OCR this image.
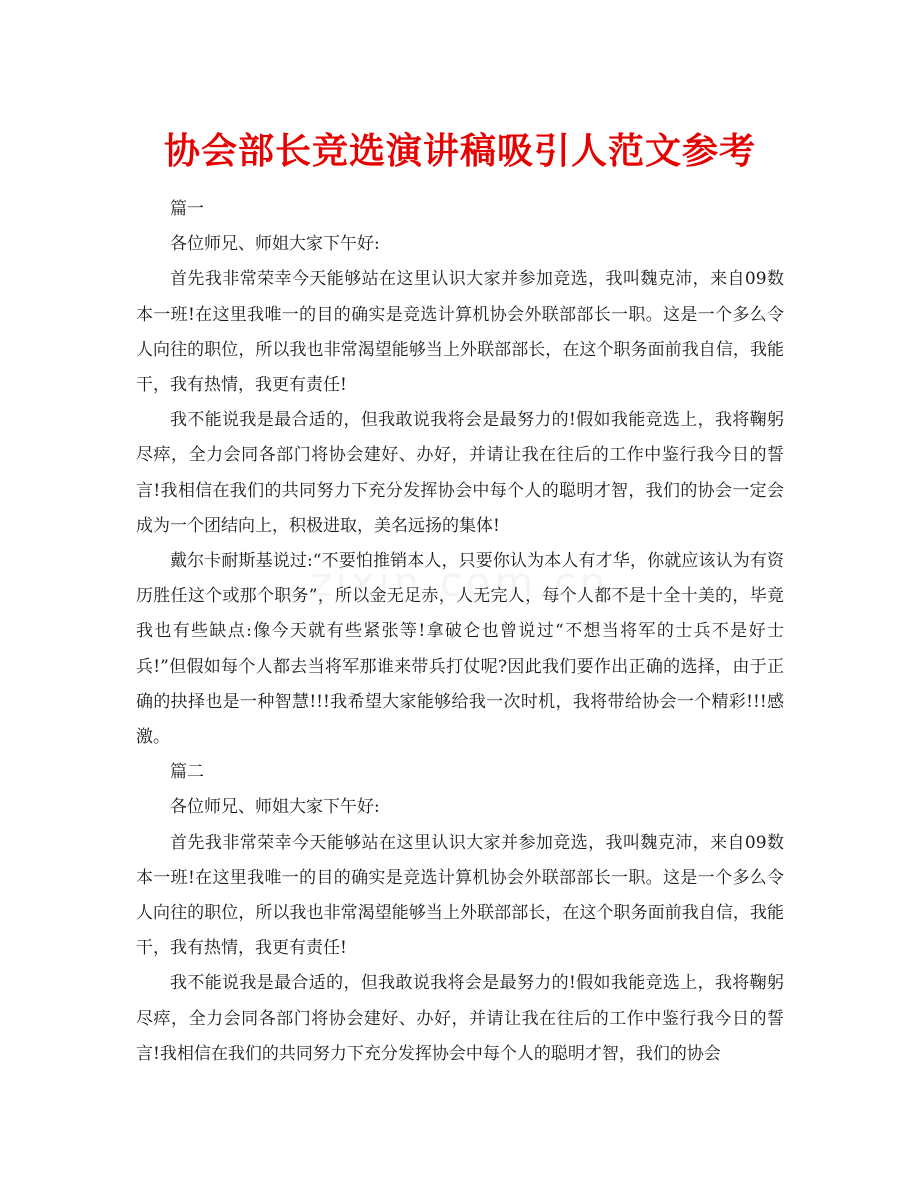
协会部长竞选演讲稿吸引人范文参考

篇一

各位师兄、师姐大家下午好:

首先我非常荣幸今天能够站在这里认识大家并参加竞选，我叫魏克沛，来自09数本一班!在这里我唯一的目的确实是竞选计算机协会外联部部长一职。这是一个多么令人向往的职位，所以我也非常渴望能够当上外联部部长，在这个职务面前我自信，我能干，我有热情，我更有责任!

我不能说我是最合适的，但我敢说我将会是最努力的!假如我能竞选上，我将鞠躬尽瘁，全力会同各部门将协会建好、办好，并请让我在往后的工作中鉴行我今日的誓言!我相信在我们的共同努力下充分发挥协会中每个人的聪明才智，我们的协会一定会成为一个团结向上，积极进取，美名远扬的集体!

戴尔卡耐斯基说过:“不要怕推销本人，只要你认为本人有才华，你就应该认为有资历胜任这个或那个职务”，所以金无足赤，人无完人，每个人都不是十全十美的，毕竟我也有些缺点:像今天就有些紧张等!拿破仑也曾说过“不想当将军的士兵不是好士兵!”但假如每个人都去当将军那谁来带兵打仗呢?因此我们要作出正确的选择，由于正确的抉择也是一种智慧!!!我希望大家能够给我一次时机，我将带给协会一个精彩!!!感激。

篇二

各位师兄、师姐大家下午好:

首先我非常荣幸今天能够站在这里认识大家并参加竞选，我叫魏克沛，来自09数本一班!在这里我唯一的目的确实是竞选计算机协会外联部部长一职。这是一个多么令人向往的职位，所以我也非常渴望能够当上外联部部长，在这个职务面前我自信，我能干，我有热情，我更有责任!

我不能说我是最合适的，但我敢说我将会是最努力的!假如我能竞选上，我将鞠躬尽瘁，全力会同各部门将协会建好、办好，并请让我在往后的工作中鉴行我今日的誓言!我相信在我们的共同努力下充分发挥协会中每个人的聪明才智，我们的协会
